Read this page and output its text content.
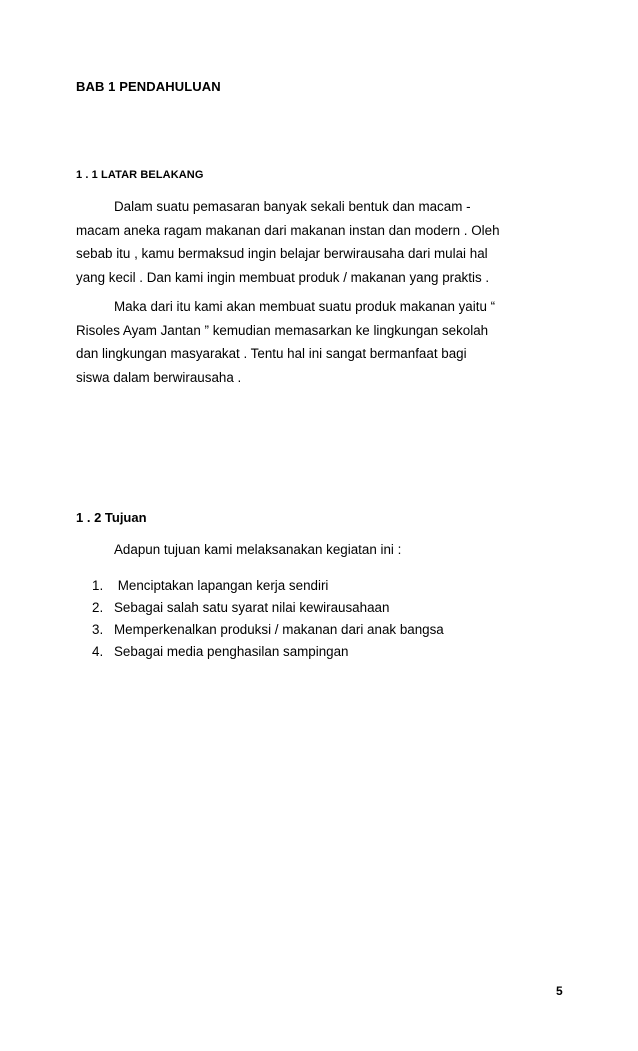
BAB 1 PENDAHULUAN
1 . 1 LATAR BELAKANG

Dalam suatu pemasaran banyak sekali bentuk dan macam -
macam aneka ragam makanan dari makanan instan dan modern . Oleh
sebab itu , kamu bermaksud ingin belajar berwirausaha dari mulai hal
yang kecil . Dan kami ingin membuat produk / makanan yang praktis .

Maka dari itu kami akan membuat suatu produk makanan yaitu “
Risoles Ayam Jantan ” kemudian memasarkan ke lingkungan sekolah
dan lingkungan masyarakat . Tentu hal ini sangat bermanfaat bagi
siswa dalam berwirausaha .

1 . 2 Tujuan
Adapun tujuan kami melaksanakan kegiatan ini :
1. Menciptakan lapangan kerja sendiri
2. Sebagai salah satu syarat nilai kewirausahaan
3. Memperkenalkan produksi / makanan dari anak bangsa
4. Sebagai media penghasilan sampingan
5
